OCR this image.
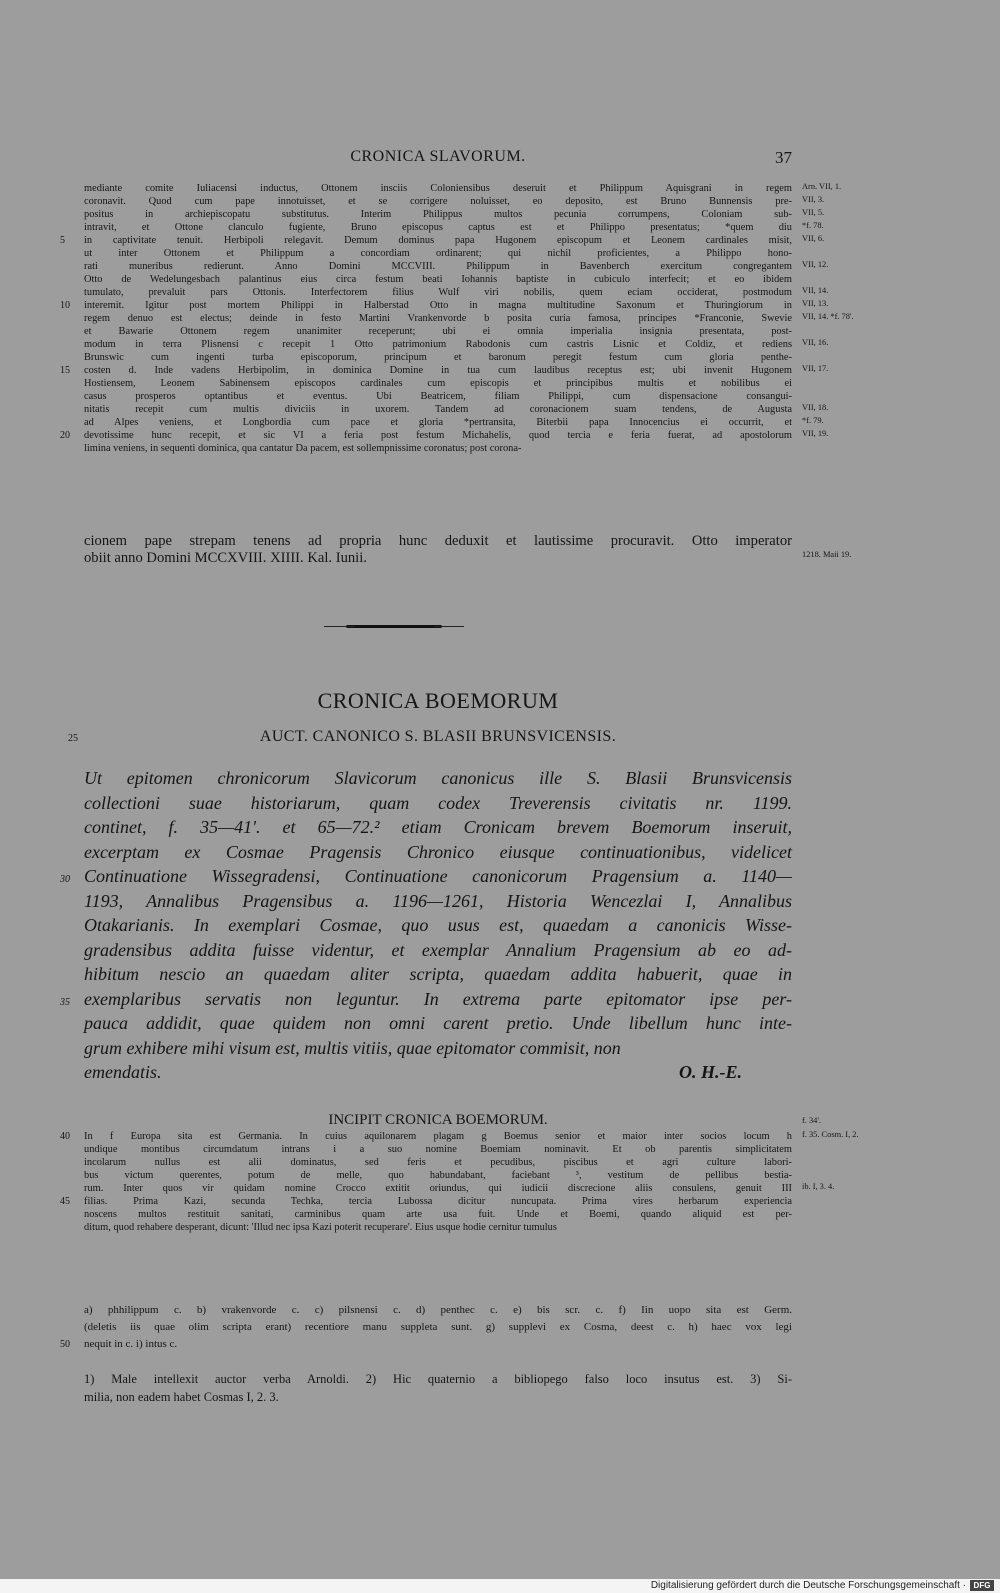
CRONICA SLAVORUM.	37
mediante comite Iuliacensi inductus, Ottonem insciis Coloniensibus deseruit et Philippum Aquisgrani in regem Arn. VII, 1.
coronavit. Quod cum pape innotuisset, et se corrigere noluisset, eo deposito, est Bruno Bunnensis pre- VII, 3.
positus in archiepiscopatu substitutus. Interim Philippus multos pecunia corrumpens, Coloniam sub- VII, 5.
intravit, et Ottone clanculo fugiente, Bruno episcopus captus est et Philippo presentatus; *quem diu *f. 78.
5	in captivitate tenuit. Herbipoli relegavit. Demum dominus papa Hugonem episcopum et Leonem cardinales misit, VII, 6.
ut inter Ottonem et Philippum a concordiam ordinarent; qui nichil proficientes, a Philippo hono-
rati muneribus redierunt. Anno Domini MCCVIII. Philippum in Bavenberch exercitum congregantem VII, 12.
Otto de Wedelungesbach palantinus eius circa festum beati Iohannis baptiste in cubiculo interfecit; et eo ibidem
tumulato, prevaluit pars Ottonis. Interfectorem filius Wulf viri nobilis, quem eciam occiderat, postmodum VII, 14.
10	interemit. Igitur post mortem Philippi in Halberstad Otto in magna multitudine Saxonum et Thuringiorum in VII, 13.
regem denuo est electus; deinde in festo Martini Vrankenvorde b posita curia famosa, principes *Franconie, Swevie VII, 14. *f. 78'.
et Bawarie Ottonem regem unanimiter receperunt; ubi ei omnia imperialia insignia presentata, post-
modum in terra Plisnensi c recepit 1 Otto patrimonium Rabodonis cum castris Lisnic et Coldiz, et rediens VII, 16.
Brunswic cum ingenti turba episcoporum, principum et baronum peregit festum cum gloria penthe-
15	costen d. Inde vadens Herbipolim, in dominica Domine in tua cum laudibus receptus est; ubi invenit Hugonem VII, 17.
Hostiensem, Leonem Sabinensem episcopos cardinales cum episcopis et principibus multis et nobilibus ei
casus prosperos optantibus et eventus. Ubi Beatricem, filiam Philippi, cum dispensacione consangui-
nitatis recepit cum multis diviciis in uxorem. Tandem ad coronacionem suam tendens, de Augusta VII, 18.
ad Alpes veniens, et Longbordia cum pace et gloria *pertransita, Biterbii papa Innocencius ei occurrit, et *f. 79.
20	devotissime hunc recepit, et sic VI a feria post festum Michahelis, quod tercia e feria fuerat, ad apostolorum VII, 19.
limina veniens, in sequenti dominica, qua cantatur Da pacem, est sollempnissime coronatus; post corona-
cionem pape strepam tenens ad propria hunc deduxit et lautissime procuravit. Otto imperator
obiit anno Domini MCCXVIII. XIIII. Kal. Iunii.	1218. Maii 19.
CRONICA BOEMORUM
25	AUCT. CANONICO S. BLASII BRUNSVICENSIS.
Ut epitomen chronicorum Slavicorum canonicus ille S. Blasii Brunsvicensis
collectioni suae historiarum, quam codex Treverensis civitatis nr. 1199.
continet, f. 35—41'. et 65—72.² etiam Cronicam brevem Boemorum inseruit,
excerptam ex Cosmae Pragensis Chronico eiusque continuationibus, videlicet
30 Continuatione Wissegradensi, Continuatione canonicorum Pragensium a. 1140—
1193, Annalibus Pragensibus a. 1196—1261, Historia Wencezlai I, Annalibus
Otakarianis. In exemplari Cosmae, quo usus est, quaedam a canonicis Wisse-
gradensibus addita fuisse videntur, et exemplar Annalium Pragensium ab eo ad-
hibitum nescio an quaedam aliter scripta, quaedam addita habuerit, quae in
35 exemplaribus servatis non leguntur. In extrema parte epitomator ipse per-
pauca addidit, quae quidem non omni carent pretio. Unde libellum hunc inte-
grum exhibere mihi visum est, multis vitiis, quae epitomator commisit, non
emendatis.	O. H.-E.
INCIPIT CRONICA BOEMORUM.	f. 34'.
40	In f Europa sita est Germania. In cuius aquilonarem plagam g Boemus senior et maior inter socios locum h f. 35. Cosm. I, 2.
undique montibus circumdatum intrans i a suo nomine Boemiam nominavit. Et ob parentis simplicitatem
incolarum nullus est alii dominatus, sed feris et pecudibus, piscibus et agri culture labori-
bus victum querentes, potum de melle, quo habundabant, faciebant ³, vestitum de pellibus bestia-
rum. Inter quos vir quidam nomine Crocco extitit oriundus, qui iudicii discrecione aliis consulens, genuit III ib. I, 3. 4.
45	filias. Prima Kazi, secunda Techka, tercia Lubossa dicitur nuncupata. Prima vires herbarum experiencia
noscens multos restituit sanitati, carminibus quam arte usa fuit. Unde et Boemi, quando aliquid est per-
ditum, quod rehabere desperant, dicunt: 'Illud nec ipsa Kazi poterit recuperare'. Eius usque hodie cernitur tumulus
a) phhilippum c. b) vrakenvorde c. c) pilsnensi c. d) penthec c. e) bis scr. c. f) Iin uopo sita est Germ.
(deletis iis quae olim scripta erant) recentiore manu suppleta sunt. g) supplevi ex Cosma, deest c. h) haec vox legi
50	nequit in c. i) intus c.
1) Male intellexit auctor verba Arnoldi. 2) Hic quaternio a bibliopego falso loco insutus est. 3) Si-
milia, non eadem habet Cosmas I, 2. 3.
Digitalisierung gefördert durch die Deutsche Forschungsgemeinschaft · DFG
